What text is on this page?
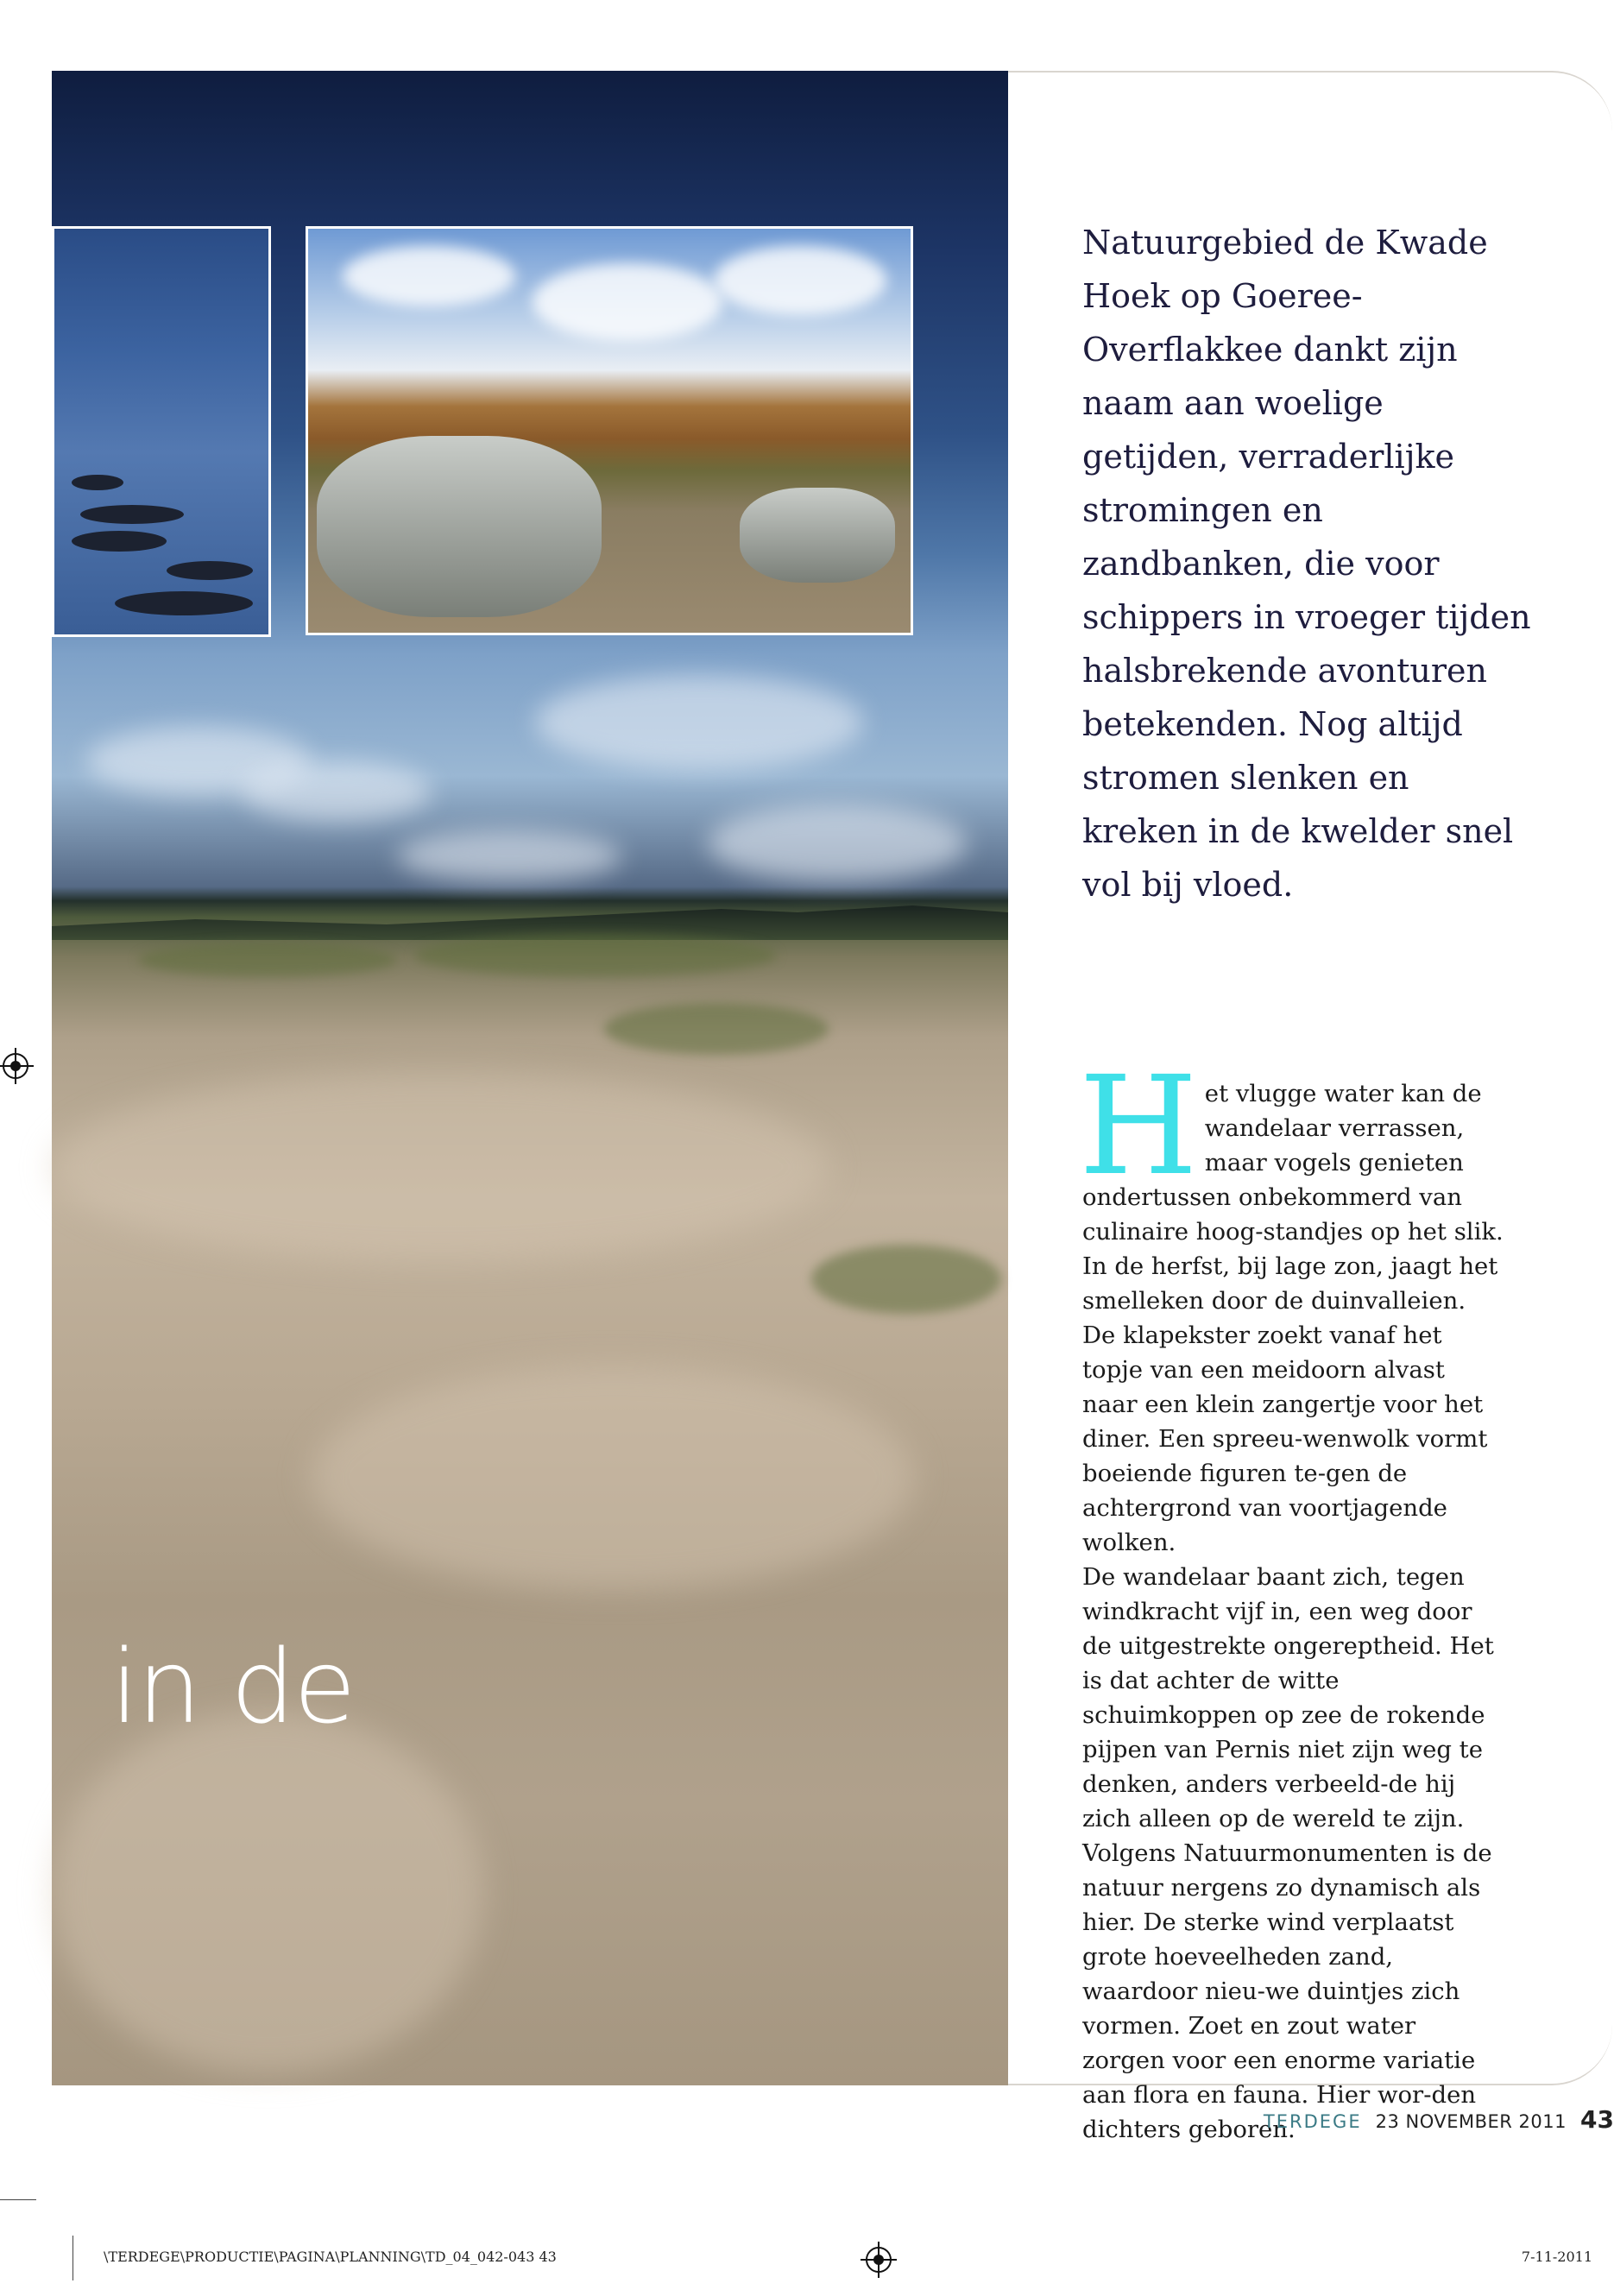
in de

Natuurgebied de Kwade Hoek op Goeree-Overflakkee dankt zijn naam aan woelige getijden, verraderlijke stromingen en zandbanken, die voor schippers in vroeger tijden halsbrekende avonturen betekenden. Nog altijd stromen slenken en kreken in de kwelder snel vol bij vloed.

H et vlugge water kan de wandelaar verrassen, maar vogels genieten ondertussen onbekommerd van culinaire hoog-standjes op het slik.

In de herfst, bij lage zon, jaagt het smelleken door de duinvalleien. De klapekster zoekt vanaf het topje van een meidoorn alvast naar een klein zangertje voor het diner. Een spreeu-wenwolk vormt boeiende figuren te-gen de achtergrond van voortjagende wolken.

De wandelaar baant zich, tegen windkracht vijf in, een weg door de uitgestrekte ongereptheid. Het is dat achter de witte schuimkoppen op zee de rokende pijpen van Pernis niet zijn weg te denken, anders verbeeld-de hij zich alleen op de wereld te zijn. Volgens Natuurmonumenten is de natuur nergens zo dynamisch als hier. De sterke wind verplaatst grote hoeveelheden zand, waardoor nieu-we duintjes zich vormen. Zoet en zout water zorgen voor een enorme variatie aan flora en fauna. Hier wor-den dichters geboren.

TERDEGE 23 NOVEMBER 2011 43
\TERDEGE\PRODUCTIE\PAGINA\PLANNING\TD_04_042-043 43	7-11-2011
